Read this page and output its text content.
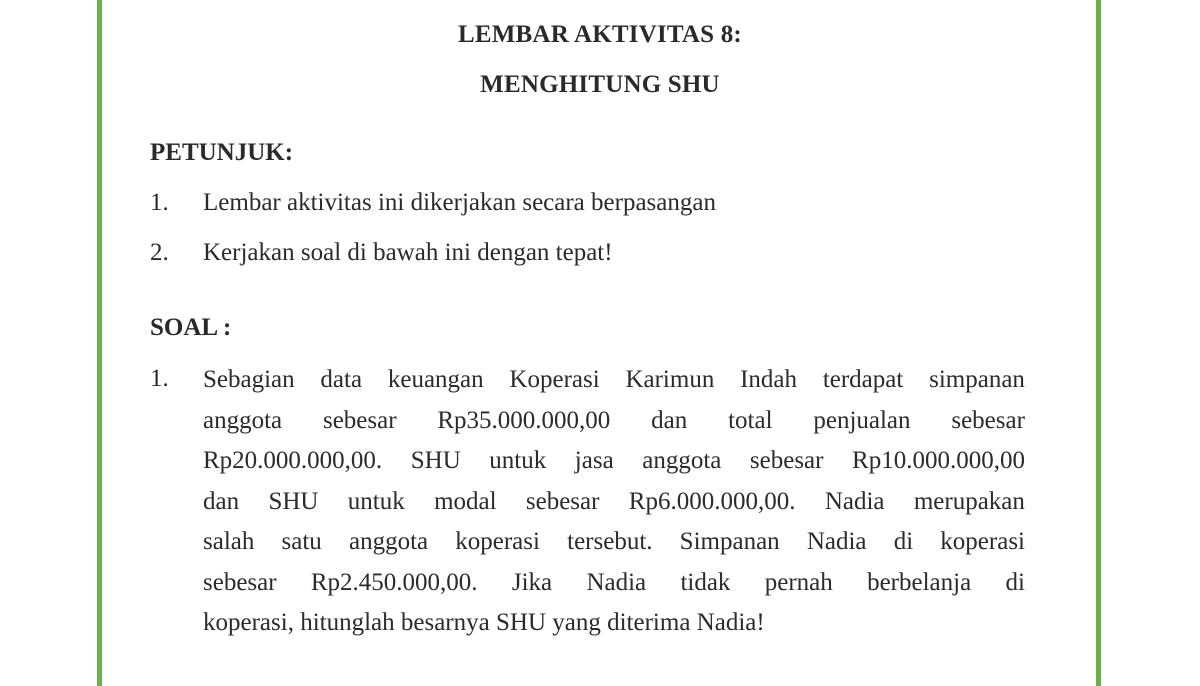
LEMBAR AKTIVITAS 8:
MENGHITUNG SHU
PETUNJUK:
1. Lembar aktivitas ini dikerjakan secara berpasangan
2. Kerjakan soal di bawah ini dengan tepat!
SOAL :
1. Sebagian data keuangan Koperasi Karimun Indah terdapat simpanan
anggota sebesar Rp35.000.000,00 dan total penjualan sebesar
Rp20.000.000,00. SHU untuk jasa anggota sebesar Rp10.000.000,00
dan SHU untuk modal sebesar Rp6.000.000,00. Nadia merupakan
salah satu anggota koperasi tersebut. Simpanan Nadia di koperasi
sebesar Rp2.450.000,00. Jika Nadia tidak pernah berbelanja di
koperasi,
hitunglah
besarnya
SHU
yang
diterima
Nadia!
